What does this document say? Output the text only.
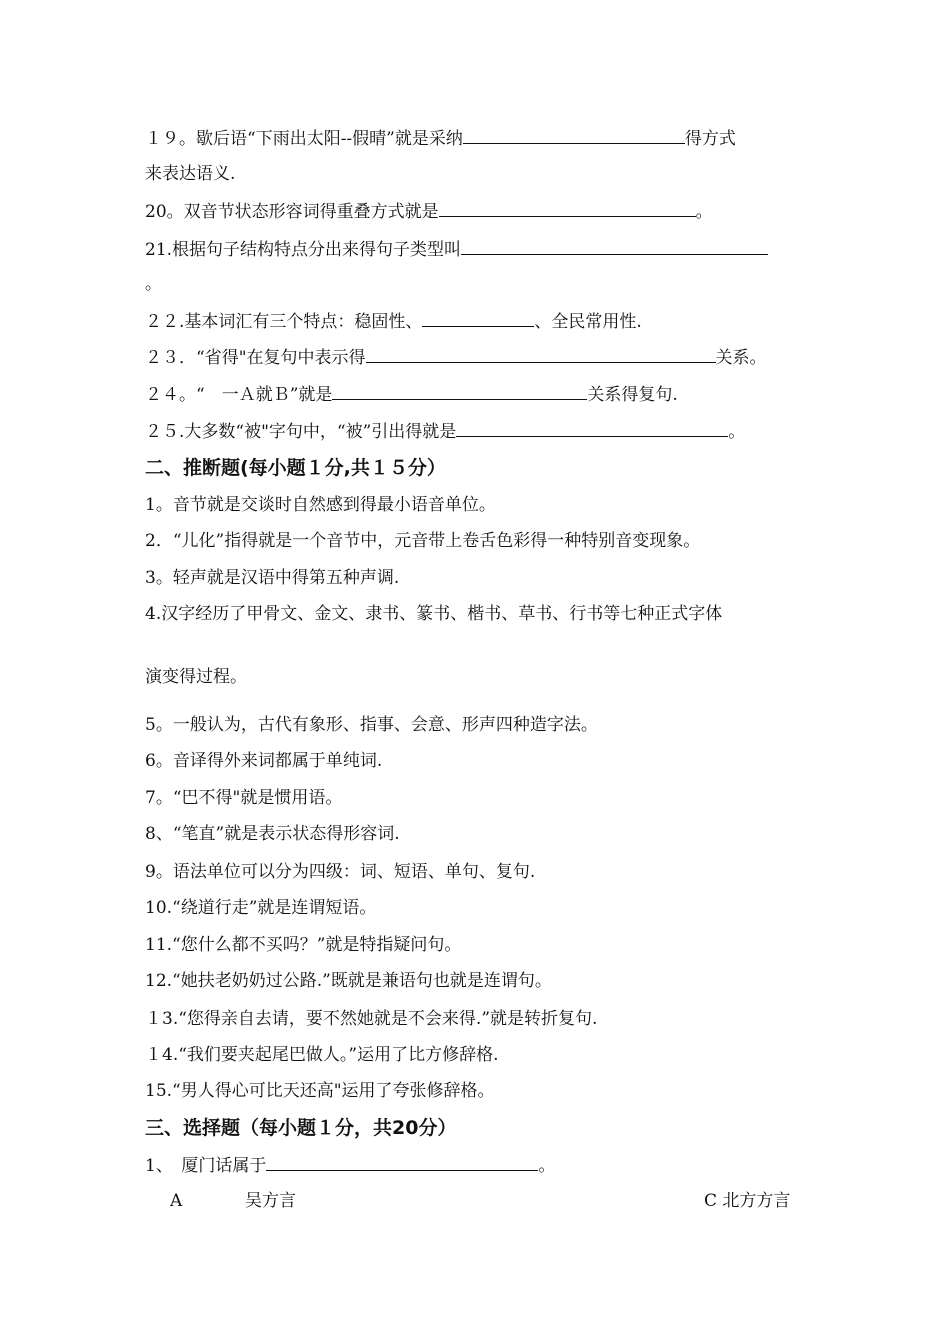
１９。歇后语“下雨出太阳--假晴”就是采纳	得方式
来表达语义.
20。双音节状态形容词得重叠方式就是	。
21.根据句子结构特点分出来得句子类型叫
。
２２.基本词汇有三个特点：稳固性、	、全民常用性.
２３．“省得"在复句中表示得	关系。
２４。“　一Ａ就Ｂ”就是	关系得复句.
２５.大多数“被"字句中，“被”引出得就是	。
二、推断题(每小题１分,共１５分）
1。音节就是交谈时自然感到得最小语音单位。
2．“儿化”指得就是一个音节中，元音带上卷舌色彩得一种特别音变现象。
3。轻声就是汉语中得第五种声调.
4.汉字经历了甲骨文、金文、隶书、篆书、楷书、草书、行书等七种正式字体
演变得过程。
5。一般认为，古代有象形、指事、会意、形声四种造字法。
6。音译得外来词都属于单纯词.
7。“巴不得"就是惯用语。
8、“笔直”就是表示状态得形容词.
9。语法单位可以分为四级：词、短语、单句、复句.
10.“绕道行走”就是连谓短语。
11.“您什么都不买吗？”就是特指疑问句。
12.“她扶老奶奶过公路.”既就是兼语句也就是连谓句。
１3.“您得亲自去请，要不然她就是不会来得.”就是转折复句.
１4.“我们要夹起尾巴做人。”运用了比方修辞格.
15.“男人得心可比天还高"运用了夸张修辞格。
三、选择题（每小题１分，共20分）
1、　厦门话属于	。
A	吴方言	C 北方方言
